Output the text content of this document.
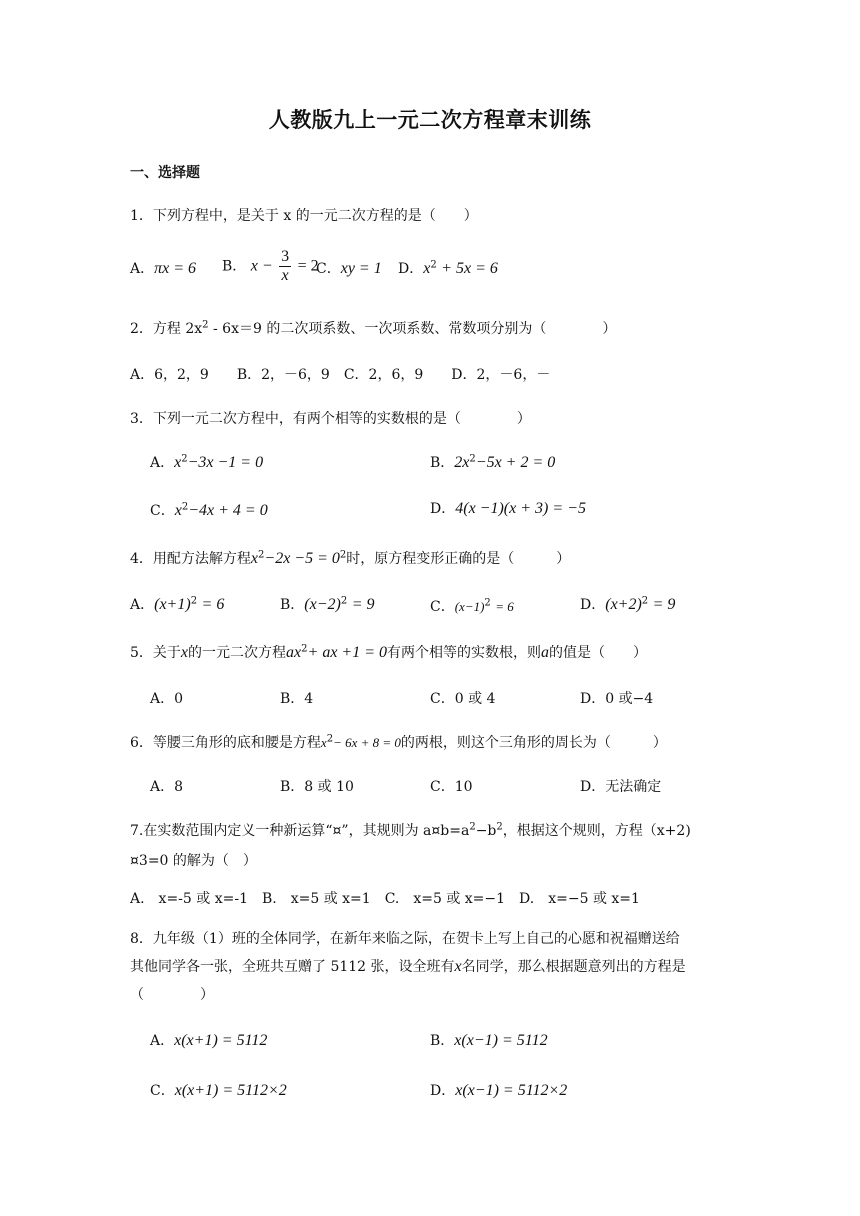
人教版九上一元二次方程章末训练
一、选择题
1．下列方程中，是关于 x 的一元二次方程的是（　　）
A．πx = 6 B． $x - \frac{3}{x} = 2$
C．xy = 1 D．$x^2 + 5x = 6$
2．方程 $2x^2 - 6x=9$ 的二次项系数、一次项系数、常数项分别为（　　　　）
A．6，2，9　　B．2，－6，9　C．2，6，9　　D．2，－6，－
3．下列一元二次方程中，有两个相等的实数根的是（　　　　）
A．$x^2-3x -1 = 0$	B．$2x^2-5x + 2 = 0$
C．$x^2-4x + 4 = 0$	D．4(x −1)(x + 3) = −5
4．用配方法解方程$x^2-2x -5 = 0^2$时，原方程变形正确的是（　　　）
A．$(x+1)^2 = 6$	B．$(x-2)^2 = 9$	C．$(x-1)^2 = 6$	D．$(x+2)^2 = 9$
5．关于x的一元二次方程$ax^2+$ ax +1 = 0有两个相等的实数根，则a的值是（　　）
A．0	B．4	C．0 或 4	D．0 或−4
6．等腰三角形的底和腰是方程$x^2- 6x + 8 = 0$的两根，则这个三角形的周长为（　　　）
A．8	B．8 或 10	C．10	D．无法确定
7.在实数范围内定义一种新运算“¤”，其规则为 $a¤b=a^2-b^2$，根据这个规则，方程（x+2)
¤3=0 的解为（　）
A.　x=-5 或 x=-1　B.　x=5 或 x=1　C.　x=5 或 x=−1　D.　x=−5 或 x=1
8．九年级（1）班的全体同学，在新年来临之际，在贺卡上写上自己的心愿和祝福赠送给
其他同学各一张，全班共互赠了 5112 张，设全班有x名同学，那么根据题意列出的方程是
（　　　　）
A．x(x+1) = 5112	B．x(x−1) = 5112
C．x(x+1) = 5112×2	D．x(x−1) = 5112×2
